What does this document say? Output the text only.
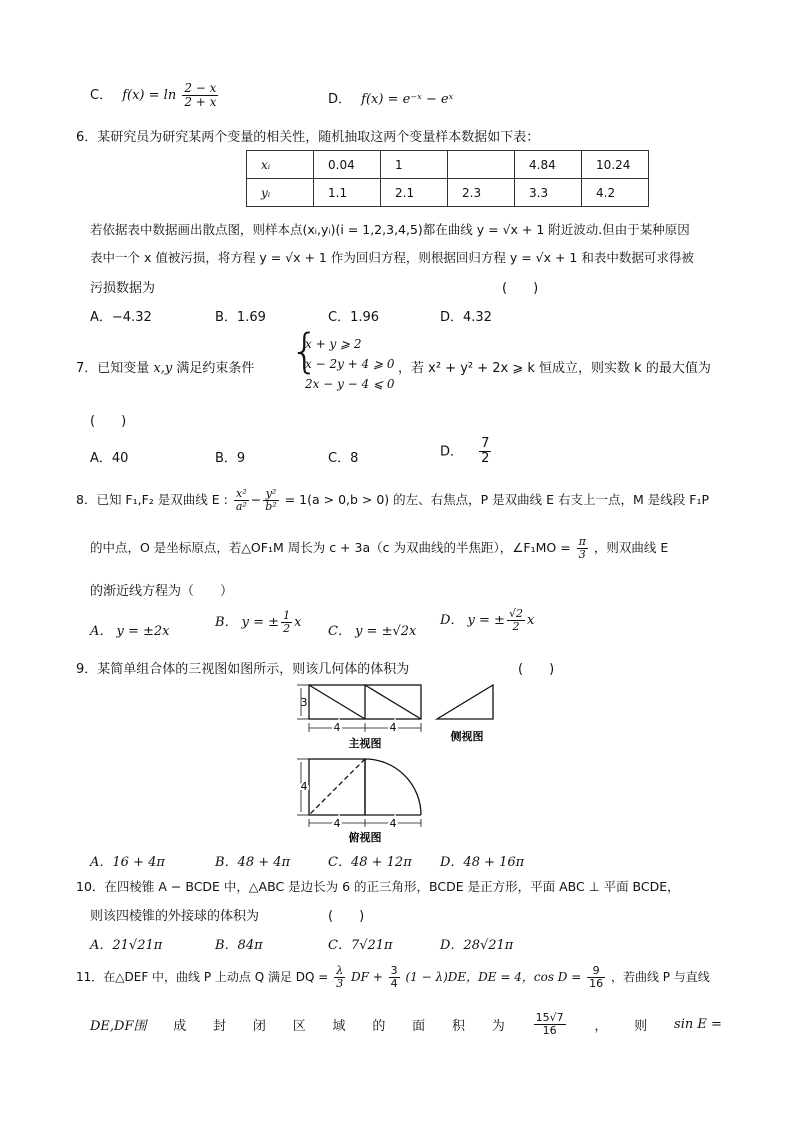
C． $f(x) = \ln \frac{2 - x}{2 + x}$	D． f(x) = e⁻ˣ − eˣ
6．某研究员为研究某两个变量的相关性，随机抽取这两个变量样本数据如下表：
xᵢ	0.04	1		4.84	10.24
yᵢ	1.1	2.1	2.3	3.3	4.2
若依据表中数据画出散点图，则样本点(xᵢ,yᵢ)(i = 1,2,3,4,5)都在曲线 y = √x + 1 附近波动.但由于某种原因
表中一个 x 值被污损，将方程 y = √x + 1 作为回归方程，则根据回归方程 y = √x + 1 和表中数据可求得被
污损数据为	(　　)
A．−4.32	B．1.69	C．1.96	D．4.32
7．已知变量 x,y 满足约束条件 {
x + y ⩾ 2
x − 2y + 4 ⩾ 0
2x − y − 4 ⩽ 0
，若 x² + y² + 2x ⩾ k 恒成立，则实数 k 的最大值为
(　　)
A．40	B．9	C．8	D． $\frac{7}{2}$
8．已知 F₁,F₂ 是双曲线 E : $\frac{\text{x²}}{\text{a²}} - \frac{\text{y²}}{\text{b²}} = 1(a > 0,b > 0)$ 的左、右焦点，P 是双曲线 E 右支上一点，M 是线段 F₁P
的中点，O 是坐标原点，若△OF₁M 周长为 c + 3a（c 为双曲线的半焦距），∠F₁MO = $\frac{\pi}{3}$ ，则双曲线 E
的渐近线方程为（　　）
A． y = ±2x
B． y = ± $\frac{1}{2}$ x
C． y = ±√2x
D． y = ± $\frac{√2}{2}$ x
9．某简单组合体的三视图如图所示，则该几何体的体积为	(　　)
3
4	4
主视图
侧视图
4
4	4
俯视图
A．16 + 4π	B．48 + 4π	C．48 + 12π D．48 + 16π
10．在四棱锥 A − BCDE 中，△ABC 是边长为 6 的正三角形，BCDE 是正方形，平面 ABC ⊥ 平面 BCDE，
则该四棱锥的外接球的体积为	(　　)
A．21√21π	B．84π	C．7√21π	D．28√21π
11．在△DEF 中，曲线 P 上动点 Q 满足 DQ = $\frac{\lambda}{3}$ DF + $\frac{3}{4} (1 - \lambda)DE$，DE = 4，$\cos D = \frac{9}{16}$ ，若曲线 P 与直线
DE,DF围 成 封 闭 区 域 的 面 积 为	$\frac{15√7}{16}$ ， 则 sin E =
